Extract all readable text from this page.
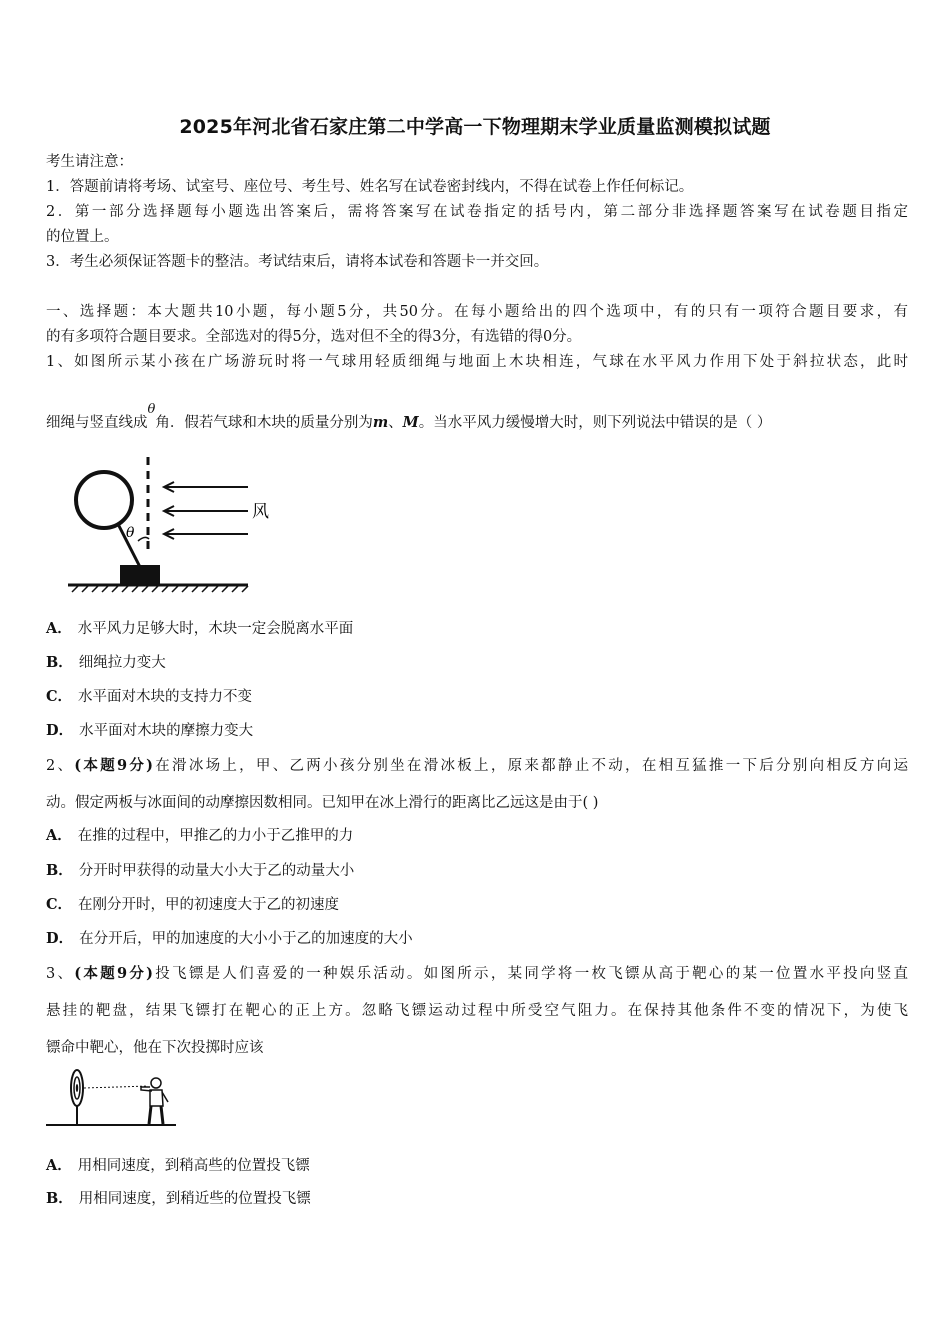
2025年河北省石家庄第二中学高一下物理期末学业质量监测模拟试题
考生请注意：
1．答题前请将考场、试室号、座位号、考生号、姓名写在试卷密封线内，不得在试卷上作任何标记。
2．第一部分选择题每小题选出答案后，需将答案写在试卷指定的括号内，第二部分非选择题答案写在试卷题目指定
的位置上。
3．考生必须保证答题卡的整洁。考试结束后，请将本试卷和答题卡一并交回。
一、选择题：本大题共10小题，每小题5分，共50分。在每小题给出的四个选项中，有的只有一项符合题目要求，有
的有多项符合题目要求。全部选对的得5分，选对但不全的得3分，有选错的得0分。
1、如图所示某小孩在广场游玩时将一气球用轻质细绳与地面上木块相连，气球在水平风力作用下处于斜拉状态，此时
细绳与竖直线成θ角．假若气球和木块的质量分别为m、M。当水平风力缓慢增大时，则下列说法中错误的是（ ）
θ
风
A． 水平风力足够大时，木块一定会脱离水平面
B． 细绳拉力变大
C． 水平面对木块的支持力不变
D． 水平面对木块的摩擦力变大
2、(本题9分)在滑冰场上，甲、乙两小孩分别坐在滑冰板上，原来都静止不动，在相互猛推一下后分别向相反方向运
动。假定两板与冰面间的动摩擦因数相同。已知甲在冰上滑行的距离比乙远这是由于( )
A． 在推的过程中，甲推乙的力小于乙推甲的力
B． 分开时甲获得的动量大小大于乙的动量大小
C． 在刚分开时，甲的初速度大于乙的初速度
D． 在分开后，甲的加速度的大小小于乙的加速度的大小
3、(本题9分)投飞镖是人们喜爱的一种娱乐活动。如图所示，某同学将一枚飞镖从高于靶心的某一位置水平投向竖直
悬挂的靶盘，结果飞镖打在靶心的正上方。忽略飞镖运动过程中所受空气阻力。在保持其他条件不变的情况下，为使飞
镖命中靶心，他在下次投掷时应该
A． 用相同速度，到稍高些的位置投飞镖
B． 用相同速度，到稍近些的位置投飞镖
